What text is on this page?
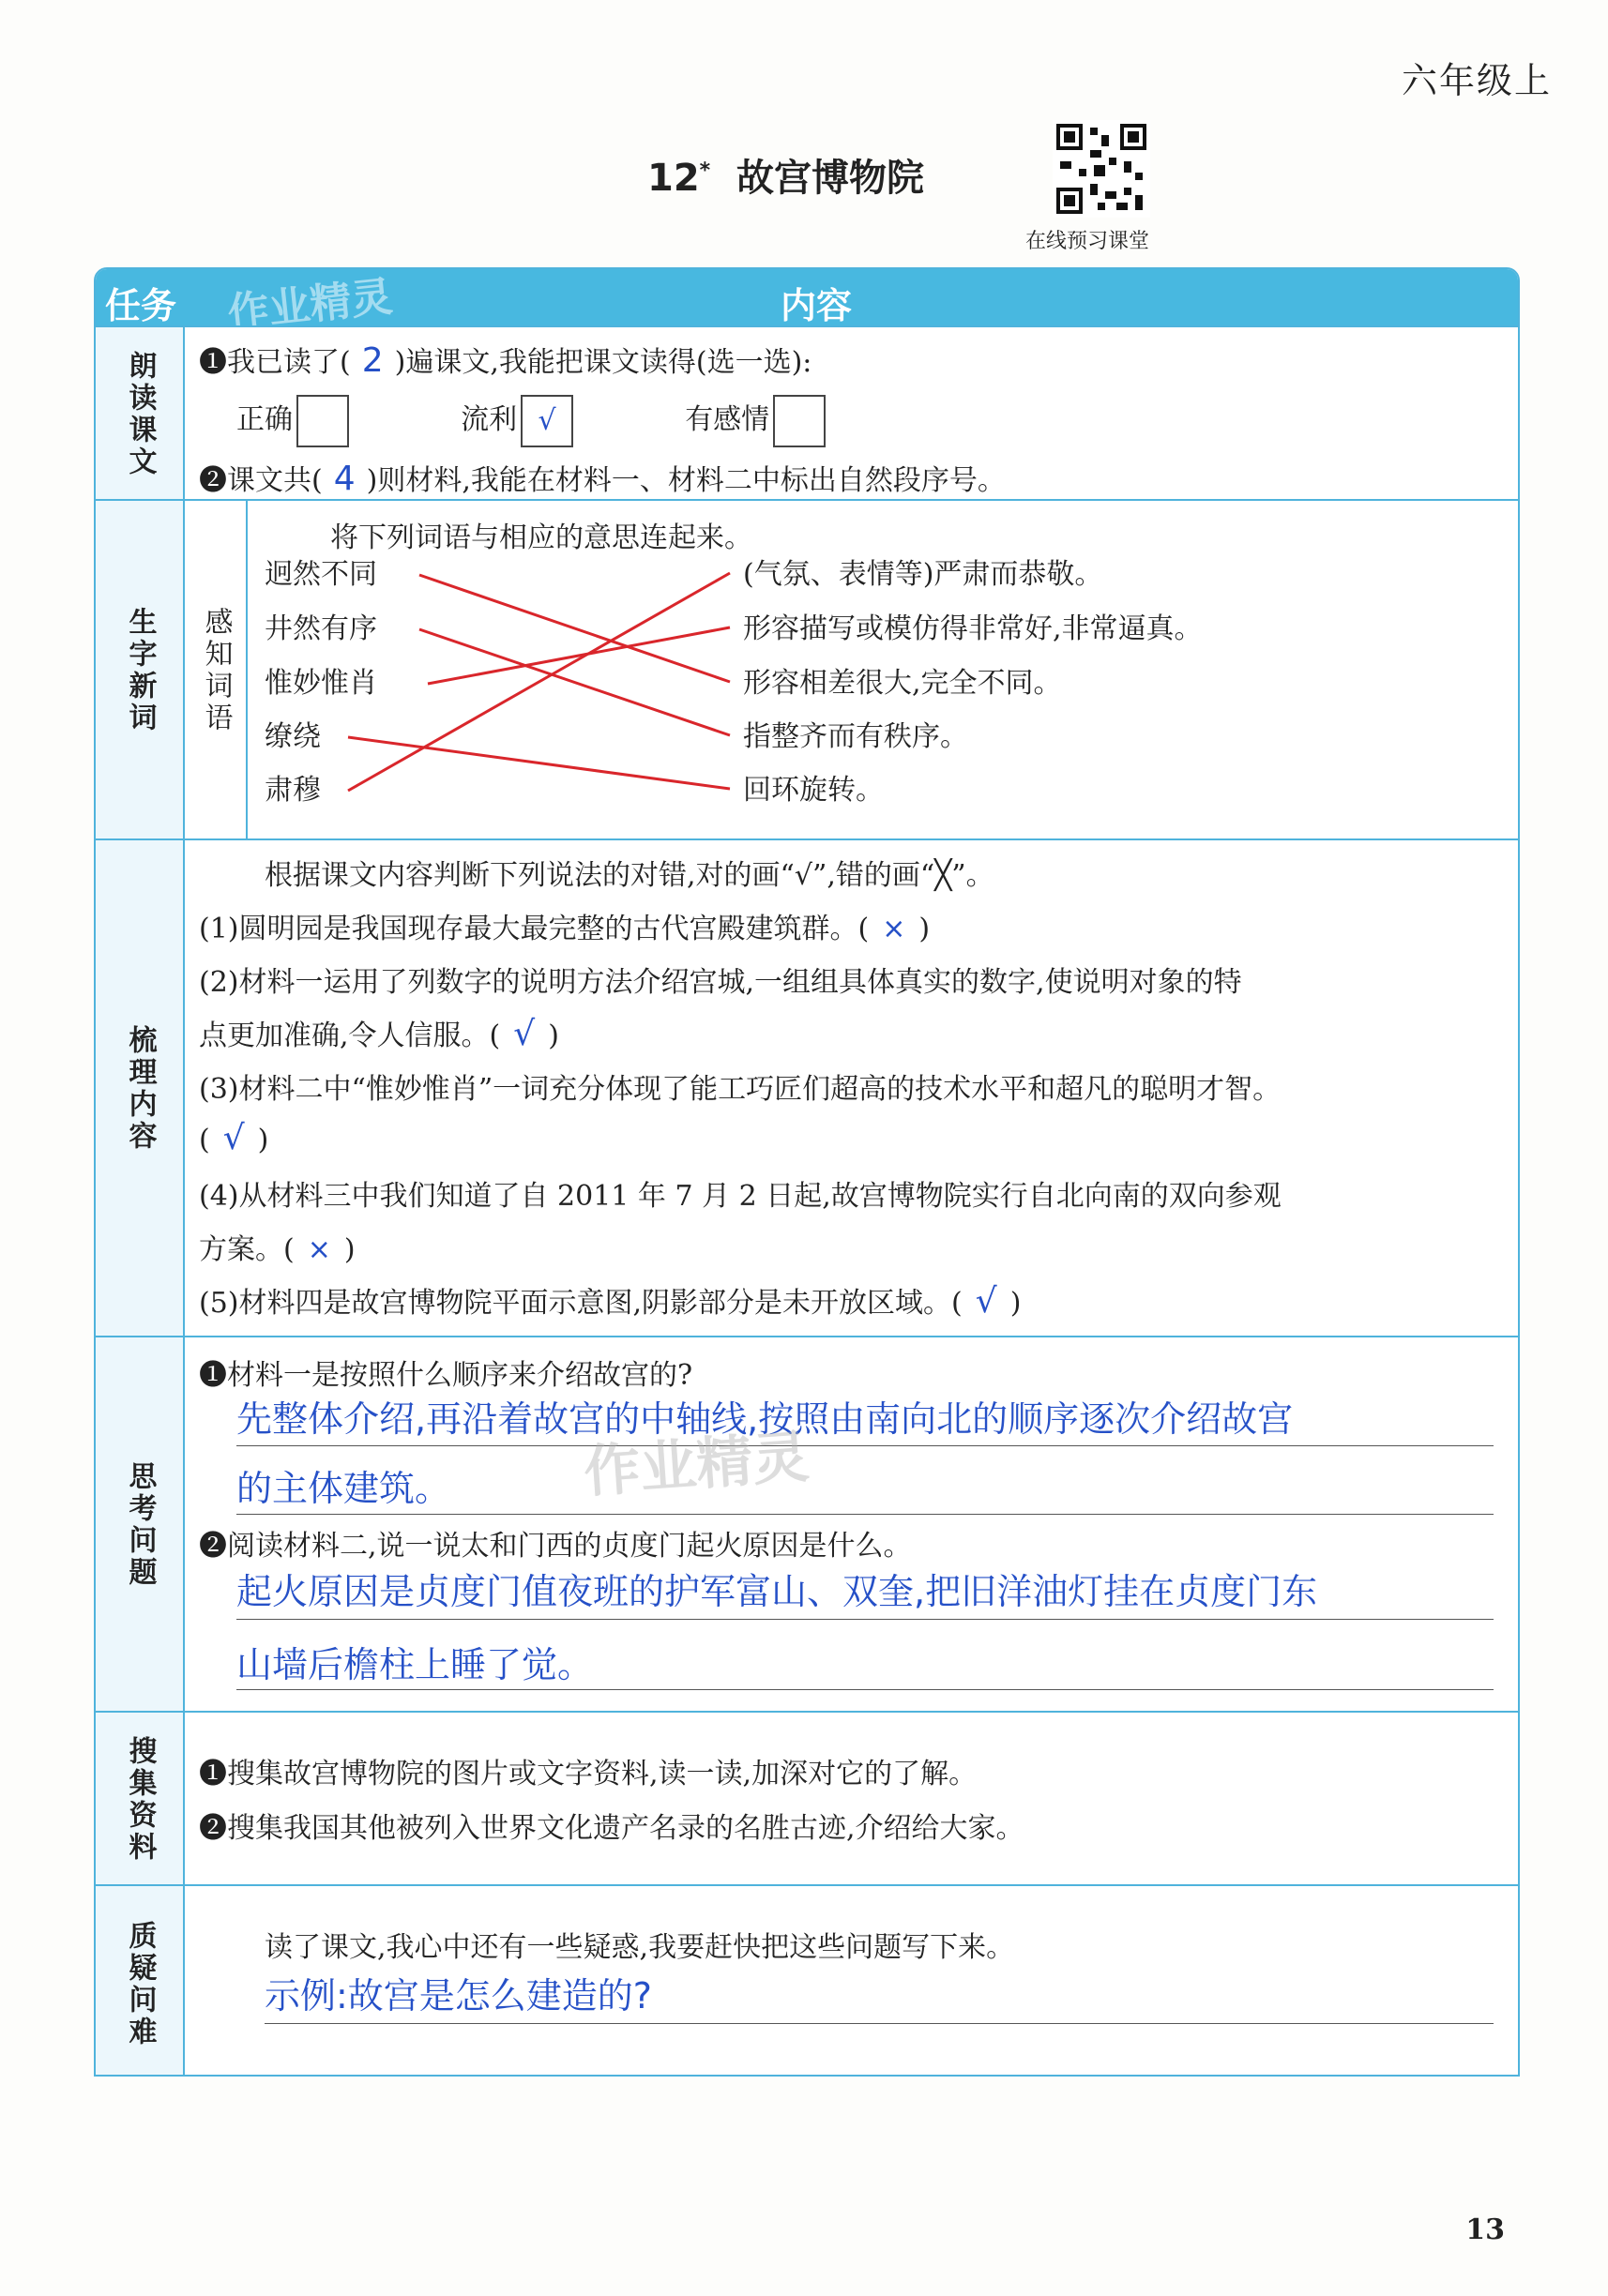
六年级上
12* 故宫博物院
在线预习课堂
任务	内容
作业精灵
朗读课文 ❶我已读了( 2 )遍课文,我能把课文读得(选一选):
正确	流利 √	有感情
❷课文共( 4 )则材料,我能在材料一、材料二中标出自然段序号。
生字新词 感知词语
将下列词语与相应的意思连起来。
迥然不同
井然有序
惟妙惟肖
缭绕
肃穆
(气氛、表情等)严肃而恭敬。
形容描写或模仿得非常好,非常逼真。
形容相差很大,完全不同。
指整齐而有秩序。
回环旋转。
梳理内容
根据课文内容判断下列说法的对错,对的画“√”,错的画“╳”。
(1)圆明园是我国现存最大最完整的古代宫殿建筑群。( × )
(2)材料一运用了列数字的说明方法介绍宫城,一组组具体真实的数字,使说明对象的特
点更加准确,令人信服。( √ )
(3)材料二中“惟妙惟肖”一词充分体现了能工巧匠们超高的技术水平和超凡的聪明才智。
( √ )
(4)从材料三中我们知道了自 2011 年 7 月 2 日起,故宫博物院实行自北向南的双向参观
方案。( × )
(5)材料四是故宫博物院平面示意图,阴影部分是未开放区域。( √ )
思考问题
❶材料一是按照什么顺序来介绍故宫的?
先整体介绍,再沿着故宫的中轴线,按照由南向北的顺序逐次介绍故宫
的主体建筑。 作业精灵
❷阅读材料二,说一说太和门西的贞度门起火原因是什么。
起火原因是贞度门值夜班的护军富山、双奎,把旧洋油灯挂在贞度门东
山墙后檐柱上睡了觉。
搜集资料 ❶搜集故宫博物院的图片或文字资料,读一读,加深对它的了解。
❷搜集我国其他被列入世界文化遗产名录的名胜古迹,介绍给大家。
质疑问难	读了课文,我心中还有一些疑惑,我要赶快把这些问题写下来。
示例:故宫是怎么建造的?
13
